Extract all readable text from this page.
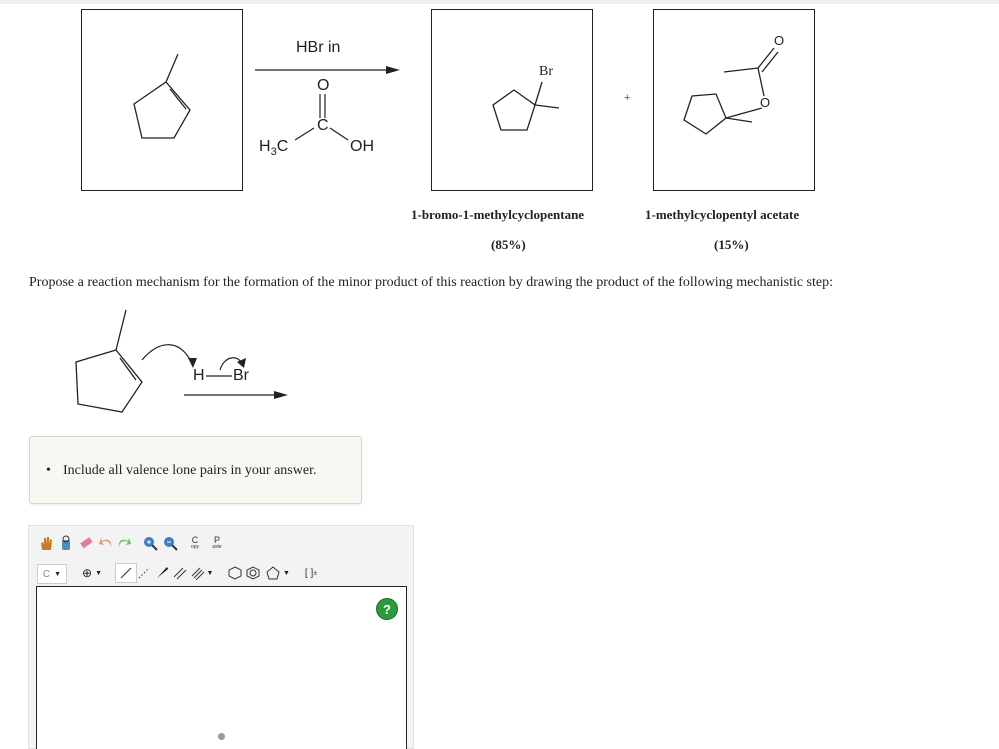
HBr in
O
C
$H_3C$	OH
Br
+
O
O
1-bromo-1-methylcyclopentane
(85%)
1-methylcyclopentyl acetate
(15%)
Propose a reaction mechanism for the formation of the minor product of this reaction by drawing the product of the following mechanistic step:
H Br
• Include all valence lone pairs in your answer.
C
opy
P
aste
C ▼ ⊕ ▼	▼	▼ [ ] ±
?
